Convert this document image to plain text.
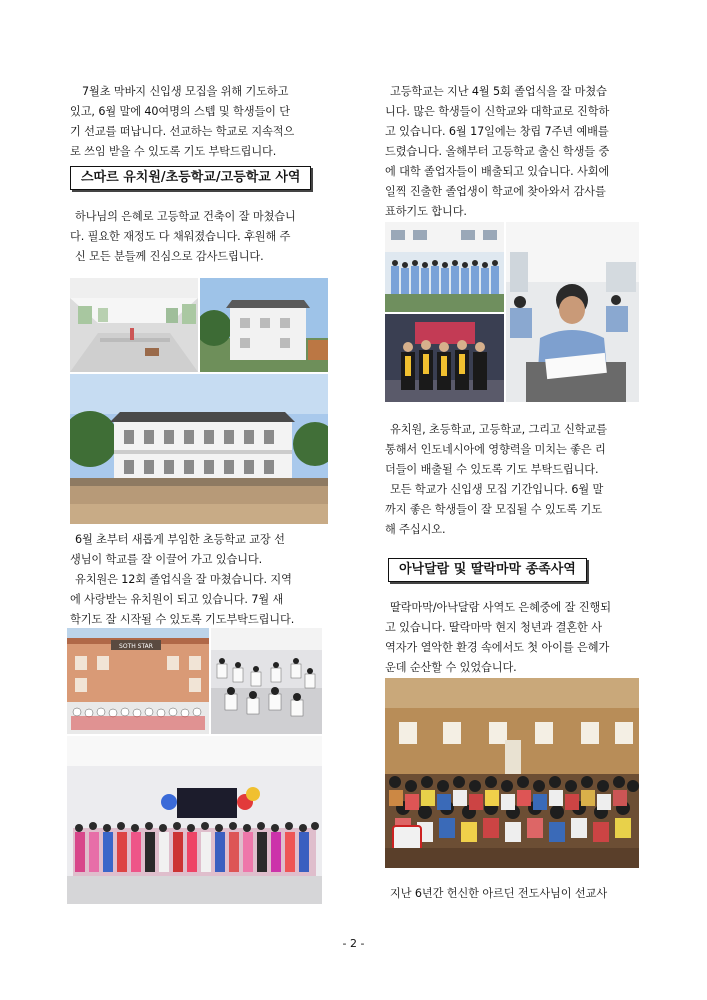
7월초 막바지 신입생 모집을 위해 기도하고
있고, 6월 말에 40여명의 스텝 및 학생들이 단
기 선교를 떠납니다. 선교하는 학교로 지속적으
로 쓰임 받을 수 있도록 기도 부탁드립니다.
스따르 유치원/초등학교/고등학교 사역
하나님의 은혜로 고등학교 건축이 잘 마쳤습니
다. 필요한 재정도 다 채워졌습니다. 후원해 주
신 모든 분들께 진심으로 감사드립니다.
6월 초부터 새롭게 부임한 초등학교 교장 선
생님이 학교를 잘 이끌어 가고 있습니다.
유치원은 12회 졸업식을 잘 마쳤습니다. 지역
에 사랑받는 유치원이 되고 있습니다. 7월 새
학기도 잘 시작될 수 있도록 기도부탁드립니다.
SOTH STAR
고등학교는 지난 4월 5회 졸업식을 잘 마쳤습
니다. 많은 학생들이 신학교와 대학교로 진학하
고 있습니다. 6월 17일에는 창립 7주년 예배를
드렸습니다. 올해부터 고등학교 출신 학생들 중
에 대학 졸업자들이 배출되고 있습니다. 사회에
일찍 진출한 졸업생이 학교에 찾아와서 감사를
표하기도 합니다.
유치원, 초등학교, 고등학교, 그리고 신학교를
통해서 인도네시아에 영향력을 미치는 좋은 리
더들이 배출될 수 있도록 기도 부탁드립니다.
모든 학교가 신입생 모집 기간입니다. 6월 말
까지 좋은 학생들이 잘 모집될 수 있도록 기도
해 주십시오.
아낙달람 및 딸락마막 종족사역
딸락마막/아낙달람 사역도 은혜중에 잘 진행되
고 있습니다. 딸락마막 현지 청년과 결혼한 사
역자가 열악한 환경 속에서도 첫 아이를 은혜가
운데 순산할 수 있었습니다.
지난 6년간 헌신한 아르딘 전도사님이 선교사
- 2 -
